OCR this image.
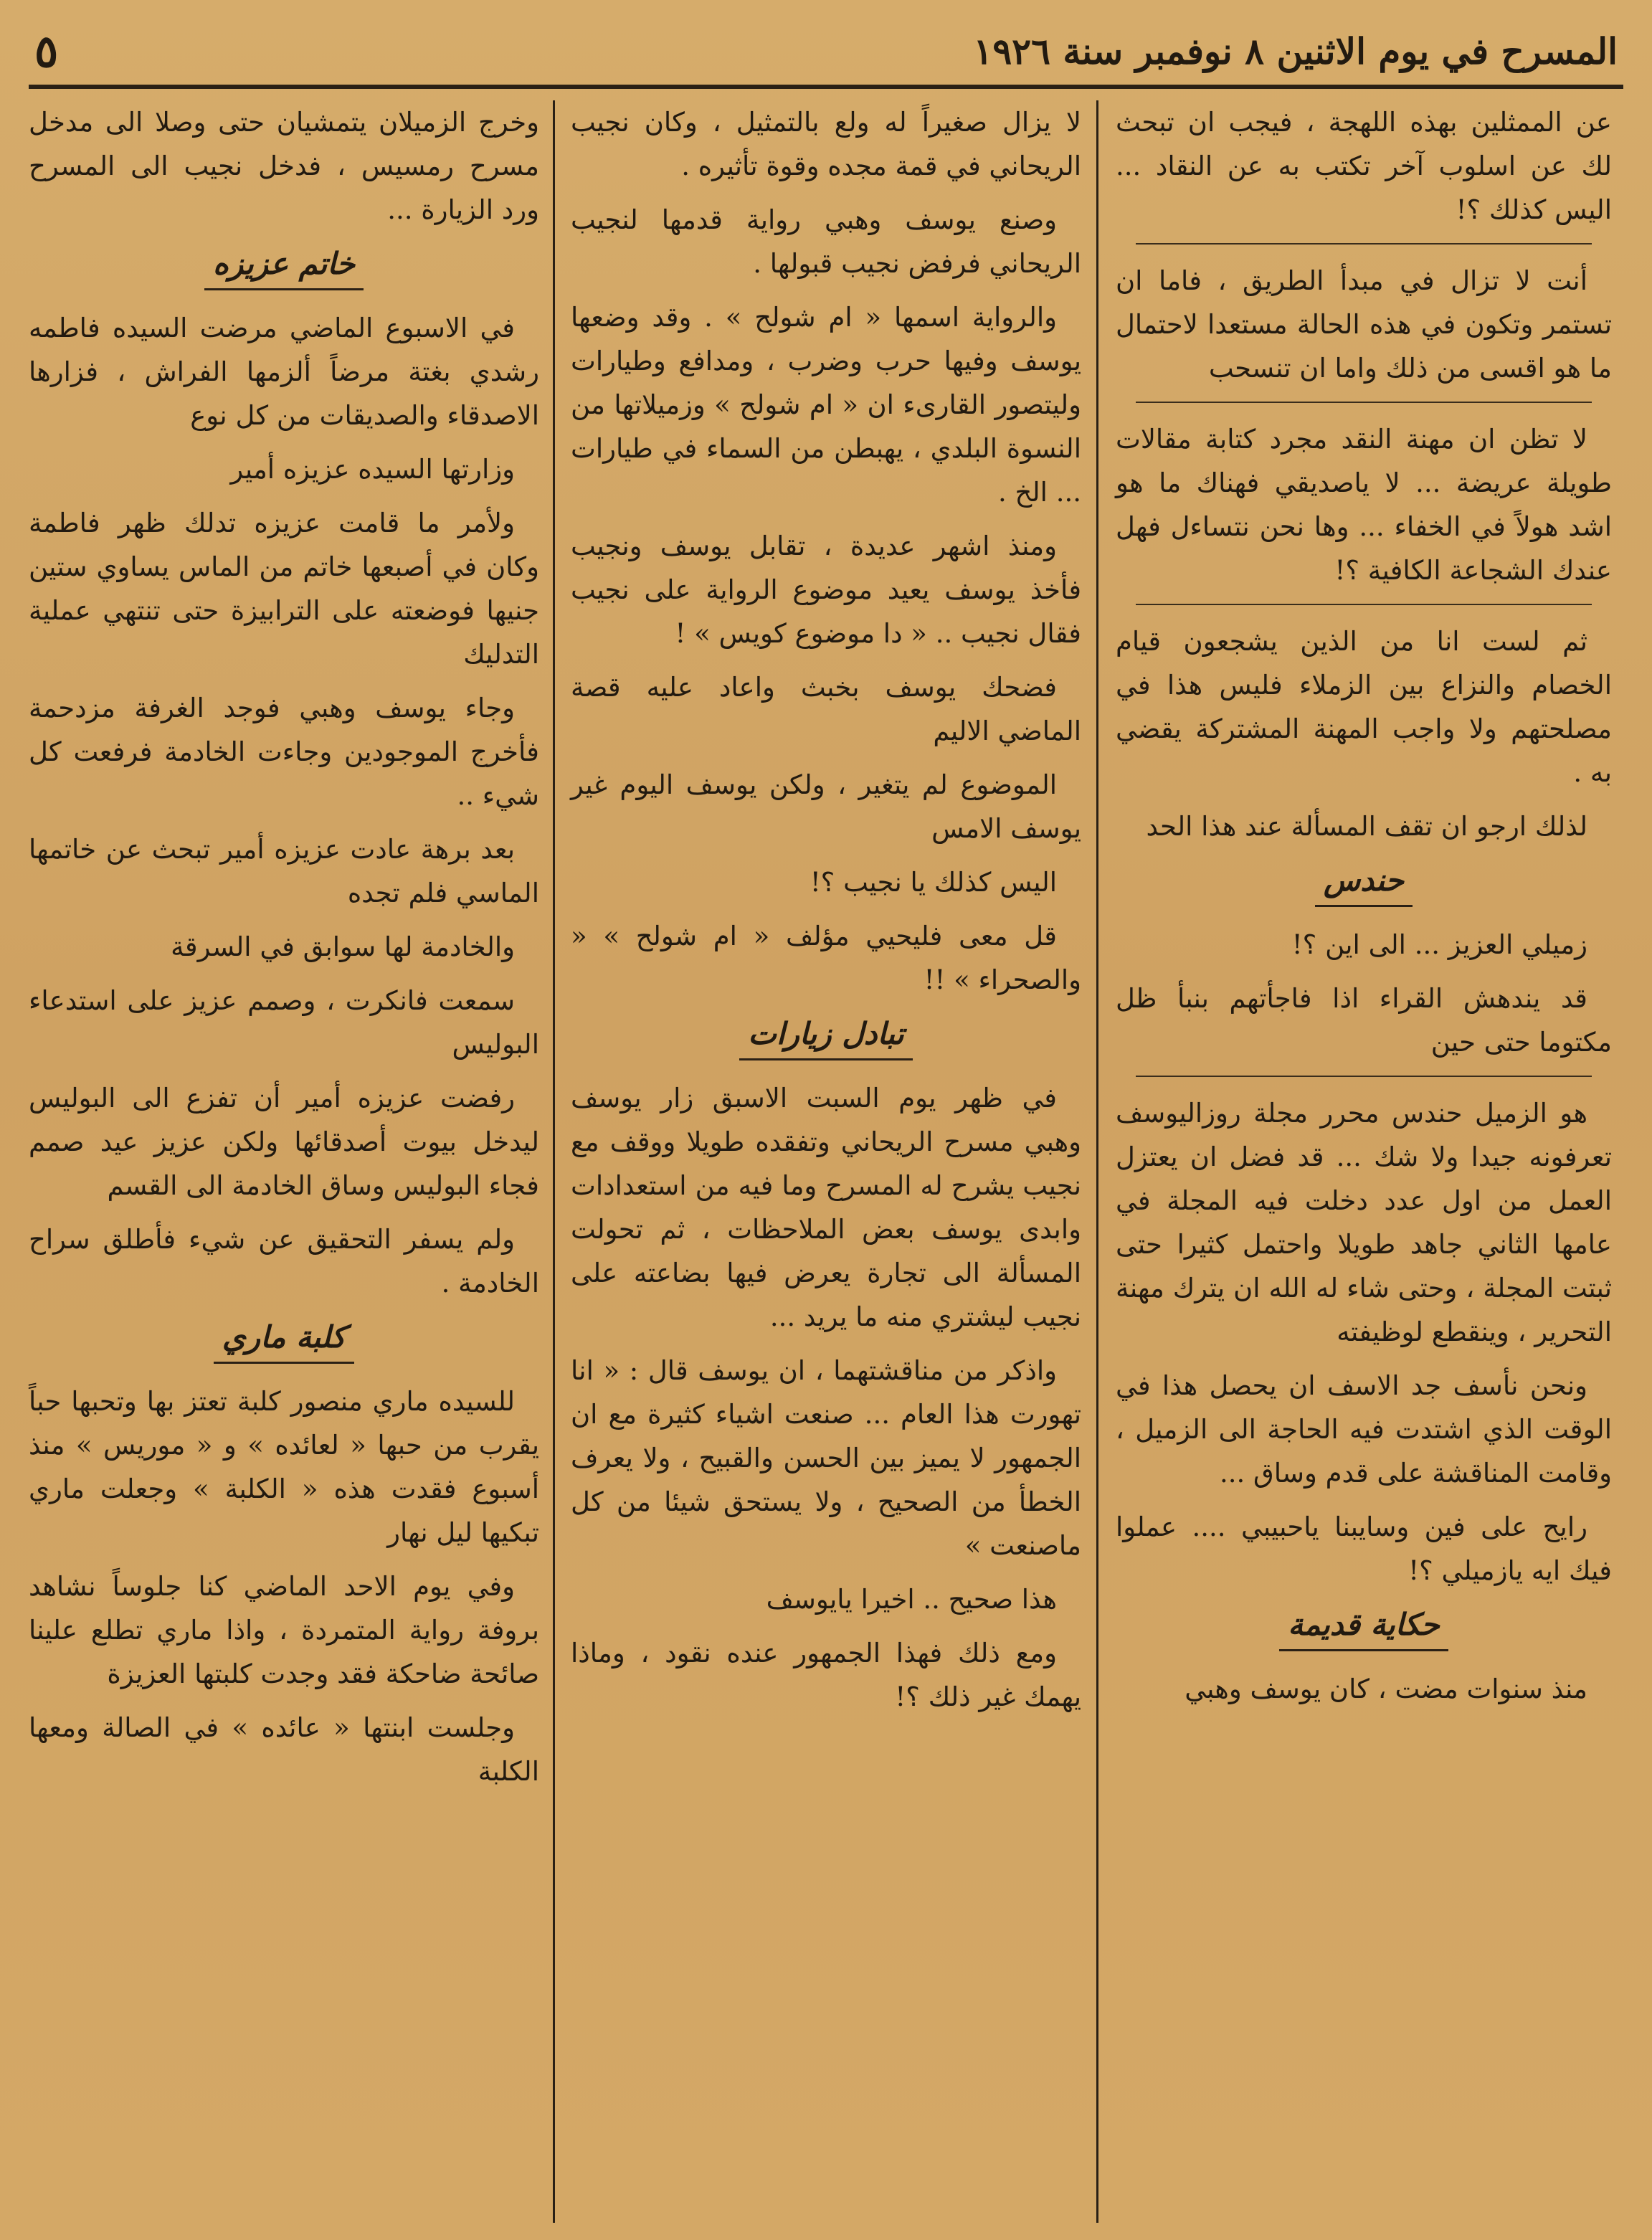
المسرح في يوم الاثنين ٨ نوفمبر سنة ١٩٢٦
٥

عن الممثلين بهذه اللهجة ، فيجب ان تبحث لك عن اسلوب آخر تكتب به عن النقاد ... اليس كذلك ؟!

أنت لا تزال في مبدأ الطريق ، فاما ان تستمر وتكون في هذه الحالة مستعدا لاحتمال ما هو اقسى من ذلك واما ان تنسحب

لا تظن ان مهنة النقد مجرد كتابة مقالات طويلة عريضة ... لا ياصديقي فهناك ما هو اشد هولاً في الخفاء ... وها نحن نتساءل فهل عندك الشجاعة الكافية ؟!

ثم لست انا من الذين يشجعون قيام الخصام والنزاع بين الزملاء فليس هذا في مصلحتهم ولا واجب المهنة المشتركة يقضي به .

لذلك ارجو ان تقف المسألة عند هذا الحد

حندس

زميلي العزيز ... الى اين ؟!

قد يندهش القراء اذا فاجأتهم بنبأ ظل مكتوما حتى حين

هو الزميل حندس محرر مجلة روزاليوسف تعرفونه جيدا ولا شك ... قد فضل ان يعتزل العمل من اول عدد دخلت فيه المجلة في عامها الثاني جاهد طويلا واحتمل كثيرا حتى ثبتت المجلة ، وحتى شاء له الله ان يترك مهنة التحرير ، وينقطع لوظيفته

ونحن نأسف جد الاسف ان يحصل هذا في الوقت الذي اشتدت فيه الحاجة الى الزميل ، وقامت المناقشة على قدم وساق ...

رايح على فين وسايبنا ياحبيبي .... عملوا فيك ايه يازميلي ؟!

حكاية قديمة

منذ سنوات مضت ، كان يوسف وهبي

لا يزال صغيراً له ولع بالتمثيل ، وكان نجيب الريحاني في قمة مجده وقوة تأثيره .

وصنع يوسف وهبي رواية قدمها لنجيب الريحاني فرفض نجيب قبولها .

والرواية اسمها « ام شولح » . وقد وضعها يوسف وفيها حرب وضرب ، ومدافع وطيارات وليتصور القارىء ان « ام شولح » وزميلاتها من النسوة البلدي ، يهبطن من السماء في طيارات ... الخ .

ومنذ اشهر عديدة ، تقابل يوسف ونجيب فأخذ يوسف يعيد موضوع الرواية على نجيب فقال نجيب .. « دا موضوع كويس » !

فضحك يوسف بخبث واعاد عليه قصة الماضي الاليم

الموضوع لم يتغير ، ولكن يوسف اليوم غير يوسف الامس

اليس كذلك يا نجيب ؟!

قل معى فليحيي مؤلف « ام شولح » « والصحراء » !!

تبادل زيارات

في ظهر يوم السبت الاسبق زار يوسف وهبي مسرح الريحاني وتفقده طويلا ووقف مع نجيب يشرح له المسرح وما فيه من استعدادات وابدى يوسف بعض الملاحظات ، ثم تحولت المسألة الى تجارة يعرض فيها بضاعته على نجيب ليشتري منه ما يريد ...

واذكر من مناقشتهما ، ان يوسف قال : « انا تهورت هذا العام ... صنعت اشياء كثيرة مع ان الجمهور لا يميز بين الحسن والقبيح ، ولا يعرف الخطأ من الصحيح ، ولا يستحق شيئا من كل ماصنعت »

هذا صحيح .. اخيرا يايوسف

ومع ذلك فهذا الجمهور عنده نقود ، وماذا يهمك غير ذلك ؟!

وخرج الزميلان يتمشيان حتى وصلا الى مدخل مسرح رمسيس ، فدخل نجيب الى المسرح ورد الزيارة ...

خاتم عزيزه

في الاسبوع الماضي مرضت السيده فاطمه رشدي بغتة مرضاً ألزمها الفراش ، فزارها الاصدقاء والصديقات من كل نوع

وزارتها السيده عزيزه أمير

ولأمر ما قامت عزيزه تدلك ظهر فاطمة وكان في أصبعها خاتم من الماس يساوي ستين جنيها فوضعته على الترابيزة حتى تنتهي عملية التدليك

وجاء يوسف وهبي فوجد الغرفة مزدحمة فأخرج الموجودين وجاءت الخادمة فرفعت كل شيء ..

بعد برهة عادت عزيزه أمير تبحث عن خاتمها الماسي فلم تجده

والخادمة لها سوابق في السرقة

سمعت فانكرت ، وصمم عزيز على استدعاء البوليس

رفضت عزيزه أمير أن تفزع الى البوليس ليدخل بيوت أصدقائها ولكن عزيز عيد صمم فجاء البوليس وساق الخادمة الى القسم

ولم يسفر التحقيق عن شيء فأطلق سراح الخادمة .

كلبة ماري

للسيده ماري منصور كلبة تعتز بها وتحبها حباً يقرب من حبها « لعائده » و « موريس » منذ أسبوع فقدت هذه « الكلبة » وجعلت ماري تبكيها ليل نهار

وفي يوم الاحد الماضي كنا جلوساً نشاهد بروفة رواية المتمردة ، واذا ماري تطلع علينا صائحة ضاحكة فقد وجدت كلبتها العزيزة

وجلست ابنتها « عائده » في الصالة ومعها الكلبة
